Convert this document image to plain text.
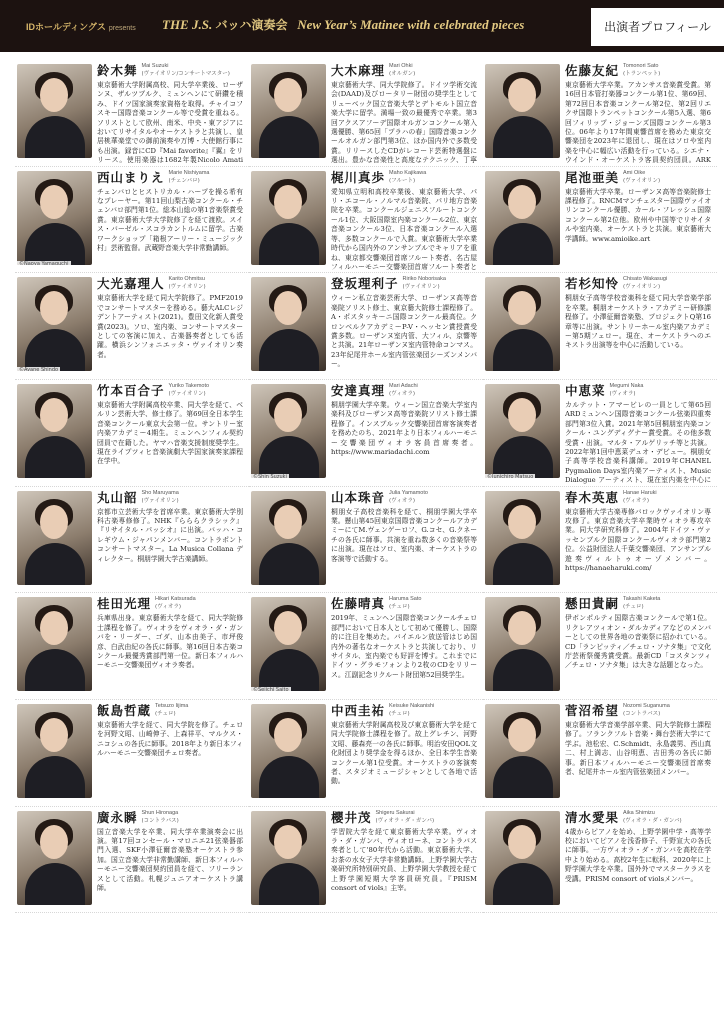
IDホールディングス presents THE J.S. バッハ演奏会 New Year’s Matinee with celebrated pieces	出演者プロフィール
鈴木舞 Mai Suzuki
(ヴァイオリン/コンサートマスター)

東京藝術大学附属高校、同大学卒業後、ローザンヌ、ザルツブルク、ミュンヘンにて研鑽を積み、ドイツ国家演奏家資格を取得。チャイコフスキー国際音楽コンクール等で受賞を重ねる。ソリストとして欧州、南米、中央・東アジアにおいてリサイタルやオーケストラと共演し、皇居桃華楽堂での御前演奏や万博・大使館行事にも出演。録音にCD『Mai favorite』『翼』をリリース。使用楽器は1682年製Nicolo Amati

大木麻理 Mari Ohki
(オルガン)

東京藝術大学、同大学院修了。ドイツ学術交流会(DAAD)及びロータリー財団の奨学生としてリューベック国立音楽大学とデトモルト国立音楽大学に留学。満場一致の最優秀で卒業。第3回アクスアフーデ国際オルガンコンクール第入選優勝、第65回「プラハの春」国際音楽コンクールオルガン部門第3位、ほか国内外で多数受賞。リリースしたCDがレコード芸術特選盤に選出。豊かな音楽性と高度なテクニック、丁寧

佐藤友紀 Tomonori Sato
(トランペット)

東京藝術大学卒業。アカンサス音楽賞受賞。第16回日本管打楽器コンクール第1位、第69回、第72回日本音楽コンクール第2位、第2回リエクサ国際トランペットコンクール第5入選、第6回フィリップ・ジョーンズ国際コンクール第3位。06年より17年間東響首席を務めた東京交響楽団を2023年に退団し、現在はソロや室内楽を中心に幅広い活動を行っている。シエナ・ウインド・オーケストラ客員契約団員。ARK

©Naoya Yamaguchi
西山まりえ Marie Nishiyama
(チェンバロ)

チェンバロとヒストリカル・ハープを操る希有なプレーヤー。第11回山梨古楽コンクール・チェンバロ部門第1位。総本山総の第1音楽祭賞受賞。東京藝術大学大学院修了を経て渡欧。スイス・バーゼル・スコラカントルムに留学。古楽ワークショップ「箱根アーリー・ミュージック村」芸術監督。武蔵野音楽大学非常勤講師。

梶川真歩 Maho Kajikawa
(フルート)

愛知県立明和高校卒業後、東京藝術大学、パリ・エコール・ノルマル音楽院、パリ地方音楽院を卒業。コンクールジェニスフルートコンクール1位、大阪国際室内楽コンクール2位、東京音楽コンクール3位、日本音楽コンクール入選等、多数コンクールで入賞。東京藝術大学卒業時代から国内外のアンサンブルでキャリアを重ね、東京都交響楽団首席フルート奏者、名古屋フィルハーモニー交響楽団首席フルート奏者と

尾池亜美 Ami Oike
(ヴァイオリン)

東京藝術大学卒業。ローザンヌ高等音楽院修士課程修了。RNCMマンチェスター国際ヴァイオリンコンクール優勝、カール・フレッシュ国際コンクール第2位他。欧州や中国等でリサイタルや室内楽、オーケストラと共演。東京藝術大学講師。www.amioike.art

©Ayane Shindo
大光嘉理人 Karito Ohmitsu
(ヴァイオリン)

東京藝術大学を経て同大学院修了。PMF2019でコンサートマスターを務める。藝大ALCレジデントアーティスト(2021)。豊田文化新人賞受賞(2023)。ソロ、室内楽、コンサートマスターとしての客演に加え、古楽器奏者としても活躍。横浜シンフォニエッタ・ヴァイオリン奏者。

登坂理利子 Ririko Noborisaka
(ヴァイオリン)

ウィーン私立音楽芸術大学、ローザンヌ高等音楽院ソリスト修士、東京藝大院修士課程修了。A・ポスタッキーニ国際コンクール最高位。クロンベルクアカデミーP-V・ヘッセン賞授賞受賞多数。ローザンヌ室内管、大フィル、京響等と共演。21年ローザンヌ室内管特命コンマス。23年紀尾井ホール室内管弦楽団シーズンメンバー。

若杉知怜 Chisato Wakasugi
(ヴァイオリン)

桐朋女子高等学校音楽科を経て同大学音楽学部を卒業。桐朋オーケストラ・アカデミー研修課程修了。小澤征爾音楽塾、プロジェクトQ第16章等に出演。サントリーホール室内楽アカデミー第5期フェロー。現在、オーケストラへのエキストラ出演等を中心に活動している。

竹本百合子 Yuriko Takemoto
(ヴァイオリン)

東京藝術大学附属高校卒業、同大学を経て、ベルリン芸術大学、修士修了。第69回全日本学生音楽コンクール東京大会第一位。サントリー室内楽アカデミー4期生。ミュンヘンフィル契約団員で在籍した。ヤマハ音楽支援制度奨学生。現在ライプツィヒ音楽演劇大学国家演奏家課程在学中。

©Shin Suzuki
安達真理 Mari Adachi
(ヴィオラ)

桐朋学園大学卒業。ウィーン国立音楽大学室内楽科及びローザンヌ高等音楽院ソリスト修士課程修了。インスブルック交響楽団首席客演奏者を務めたのち、2021年より日本フィルハーモニー交響楽団ヴィオラ客員首席奏者。https://www.mariadachi.com

©Junichiro Matsuo
中恵菜 Megumi Naka
(ヴィオラ)

カルテット・アマービレの一員として第65回ARDミュンヘン国際音楽コンクール弦楽四重奏部門第3位入賞。2021年第5回桐朋室内楽コンクール・ユングディグナー賞受賞。その他多数受賞・出演。マルタ・アルゲリッチ等と共演。2022年第1回中恵菜デュオ・デビュー。桐朋女子高等学校音楽科講師。2019年CHANEL Pygmalion Days室内楽アーティスト、Music Dialogue アーティスト、現在室内楽を中心に

丸山韶 Sho Maruyama
(ヴァイオリン)

京都市立芸術大学を首席卒業。東京藝術大学別科古楽専修修了。NHK『らららクラシック』『リサイタル・パッシオ』に出演。バッハ・コレギウム・ジャパンメンバー。コントラポントコンサートマスター。La Musica Collana ディレクター。桐朋学園大学古楽講師。

山本珠音 Julia Yamamoto
(ヴィオラ)

桐朋女子高校音楽科を経て、桐朋学園大学卒業。懸山第45回東京国際音楽コンクールアカデミーにてM.ヴェンゲーロフ、G.コセ、G.クネーチの各氏に師事。共演を重ね数多くの音楽祭等に出演。現在はソロ、室内楽、オーケストラの客演等で活動する。

春木英恵 Hanae Haruki
(ヴィオラ)

東京藝術大学古楽専修バロックヴァイオリン専攻修了。東京音楽大学卒業時ヴィオラ専攻卒業。同大学研究科修了。2004年ドイツ・ヴァッセンブルク国際コンクールヴィオラ部門第2位。公益財団法人千葉交響楽団、アンサンブル遊奏ヴィルトゥオーゾメンバー。https://hanaeharuki.com/

桂田光理 Hikari Katsurada
(ヴィオラ)

兵庫県出身。東京藝術大学を経て、同大学院修士課程を修了。ヴィオラをヴィオラ・ダ・ガンバを・リーダー、ゴダ、山本由美子、市坪俊彦、白武由紀の各氏に師事。第16回日本古楽コンクール最優秀賞部門第一位。新日本フィルハーモニー交響楽団ヴィオラ奏者。

©Seiichi Saito
佐藤晴真 Haruma Sato
(チェロ)

2019年、ミュンヘン国際音楽コンクールチェロ部門において日本人として初めて優勝し、国際的に注目を集めた。バイエルン放送管はじめ国内外の著名なオーケストラと共演しており、リサイタル、室内楽でも好評を博す。これまでにドイツ・グラモフォンより2枚のCDをリリース。江副記念リクルート財団第52回奨学生。

懸田貴嗣 Takashi Kaketa
(チェロ)

伊ボンポルティ国際古楽コンクールで第1位。リクレアツィオン・ダルカディアなどのメンバーとしての世界各地の音楽祭に招かれている。CD「ランピッティ／チェロ・ソナタ集」で文化庁芸術祭優秀賞受賞。最新CD「コスタンツィ／チェロ・ソナタ集」は大きな話題となった。

飯島哲蔵 Tetsuzo Iijima
(チェロ)

東京藝術大学を経て、同大学院を修了。チェロを河野文昭、山崎伸子、上森祥平、マルクス・ニコシュの各氏に師事。2018年より新日本フィルハーモニー交響楽団チェロ奏者。

中西圭祐 Keisuke Nakanishi
(チェロ)

東京藝術大学附属高校及び東京藝術大学を経て同大学院修士課程を修了。故上グレチン、河野文昭、藤森亮一の各氏に師事。明治安田QOL文化財団より奨学金を得るほか、全日本学生音楽コンクール第1位受賞。オーケストラの客演奏者、スタジオミュージシャンとして各地で活動。

菅沼希望 Nozomi Suganuma
(コントラバス)

東京藝術大学音楽学部卒業、同大学院修士課程修了。フランクフルト音楽・舞台芸術大学にて学ぶ。池松宏、C.Schmidt、永島義男、西山真二、村上満志、山谷明恵、吉田秀の各氏に師事。新日本フィルハーモニー交響楽団首席奏者、紀尾井ホール室内管弦楽団メンバー。

廣永瞬 Shun Hironaga
(コントラバス)

国立音楽大学を卒業、同大学卒業演奏会に出演。第17回コンセール・マロニエ21弦楽器部門入選、SKF小澤征爾音楽塾オーケストラ参加。国立音楽大学非常勤講師、新日本フィルハーモニー交響楽団契約団員を経て、フリーランスとして活動。札幌ジュニアオーケストラ講師。

櫻井茂 Shigeru Sakurai
(ヴィオラ・ダ・ガンバ)

学習院大学を経て東京藝術大学卒業。ヴィオラ・ダ・ガンバ、ヴィオローネ、コントラバス奏者として'80年代から活動。東京藝術大学、お茶の水女子大学非常勤講師。上野学園大学古楽研究所特別研究員、上野学園大学教授を経て上野学園短期大学客員研究員。『PRISM consort of viols』主宰。

清水愛果 Aika Shimizu
(ヴィオラ・ダ・ガンバ)

4歳からピアノを始め、上野学園中学・高等学校においてピアノを浅香修子、千野宣大の各氏に師事。一方ヴィオラ・ダ・ガンバを高校在学中より始める。高校2年生に転科、2020年に上野学園大学を卒業。国外外でマスタークラスを受講。PRISM consort of violsメンバー。
